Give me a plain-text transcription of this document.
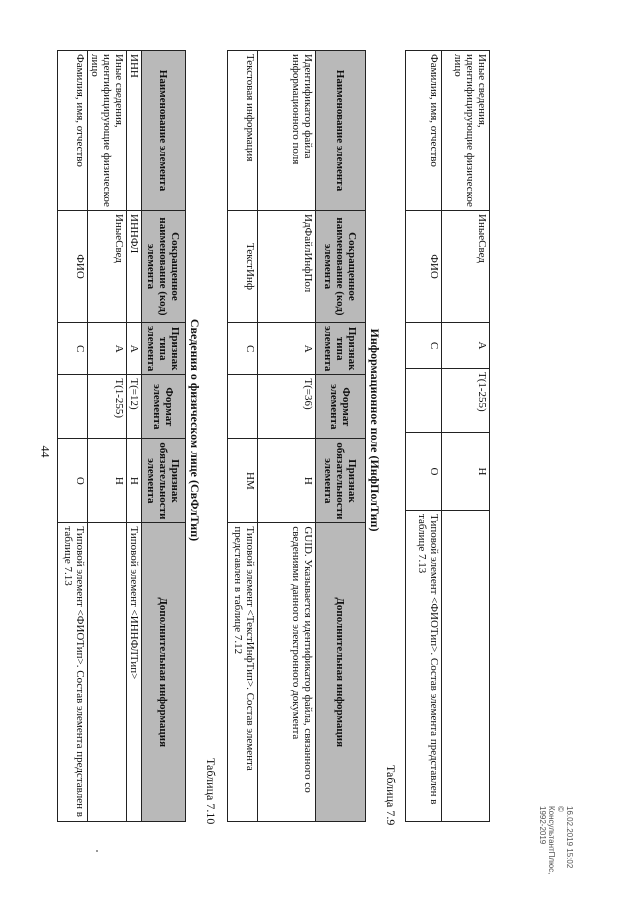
44
Иные сведения, идентифицирующие физическое лицо	ИныеСвед	А	T(1-255)	Н	
Фамилия, имя, отчество	ФИО	С		О	Типовой элемент <ФИОТип>. Состав элемента представлен в таблице 7.13
Таблица 7.9
Информационное поле (ИнфПолТип)
Наименование элемента	Сокращенное наименование (код) элемента	Признак типа элемента	Формат элемента	Признак обязательности элемента	Дополнительная информация
Идентификатор файла информационного поля	ИдФайлИнфПол	А	T(=36)	Н	GUID. Указывается идентификатор файла, связанного со сведениями данного электронного документа
Текстовая информация	ТекстИнф	С		НМ	Типовой элемент <ТекстИнфТип>. Состав элемента представлен в таблице 7.12
Таблица 7.10
Сведения о физическом лице (СвФлТип)
Наименование элемента	Сокращенное наименование (код) элемента	Признак типа элемента	Формат элемента	Признак обязательности элемента	Дополнительная информация
ИНН	ИННФЛ	А	T(=12)	Н	Типовой элемент <ИННФЛТип>
Иные сведения, идентифицирующие физическое лицо	ИныеСвед	А	T(1-255)	Н	
Фамилия, имя, отчество	ФИО	С		О	Типовой элемент <ФИОТип>. Состав элемента представлен в таблице 7.13
16.02.2019 15:02
© КонсультантПлюс, 1992-2019
